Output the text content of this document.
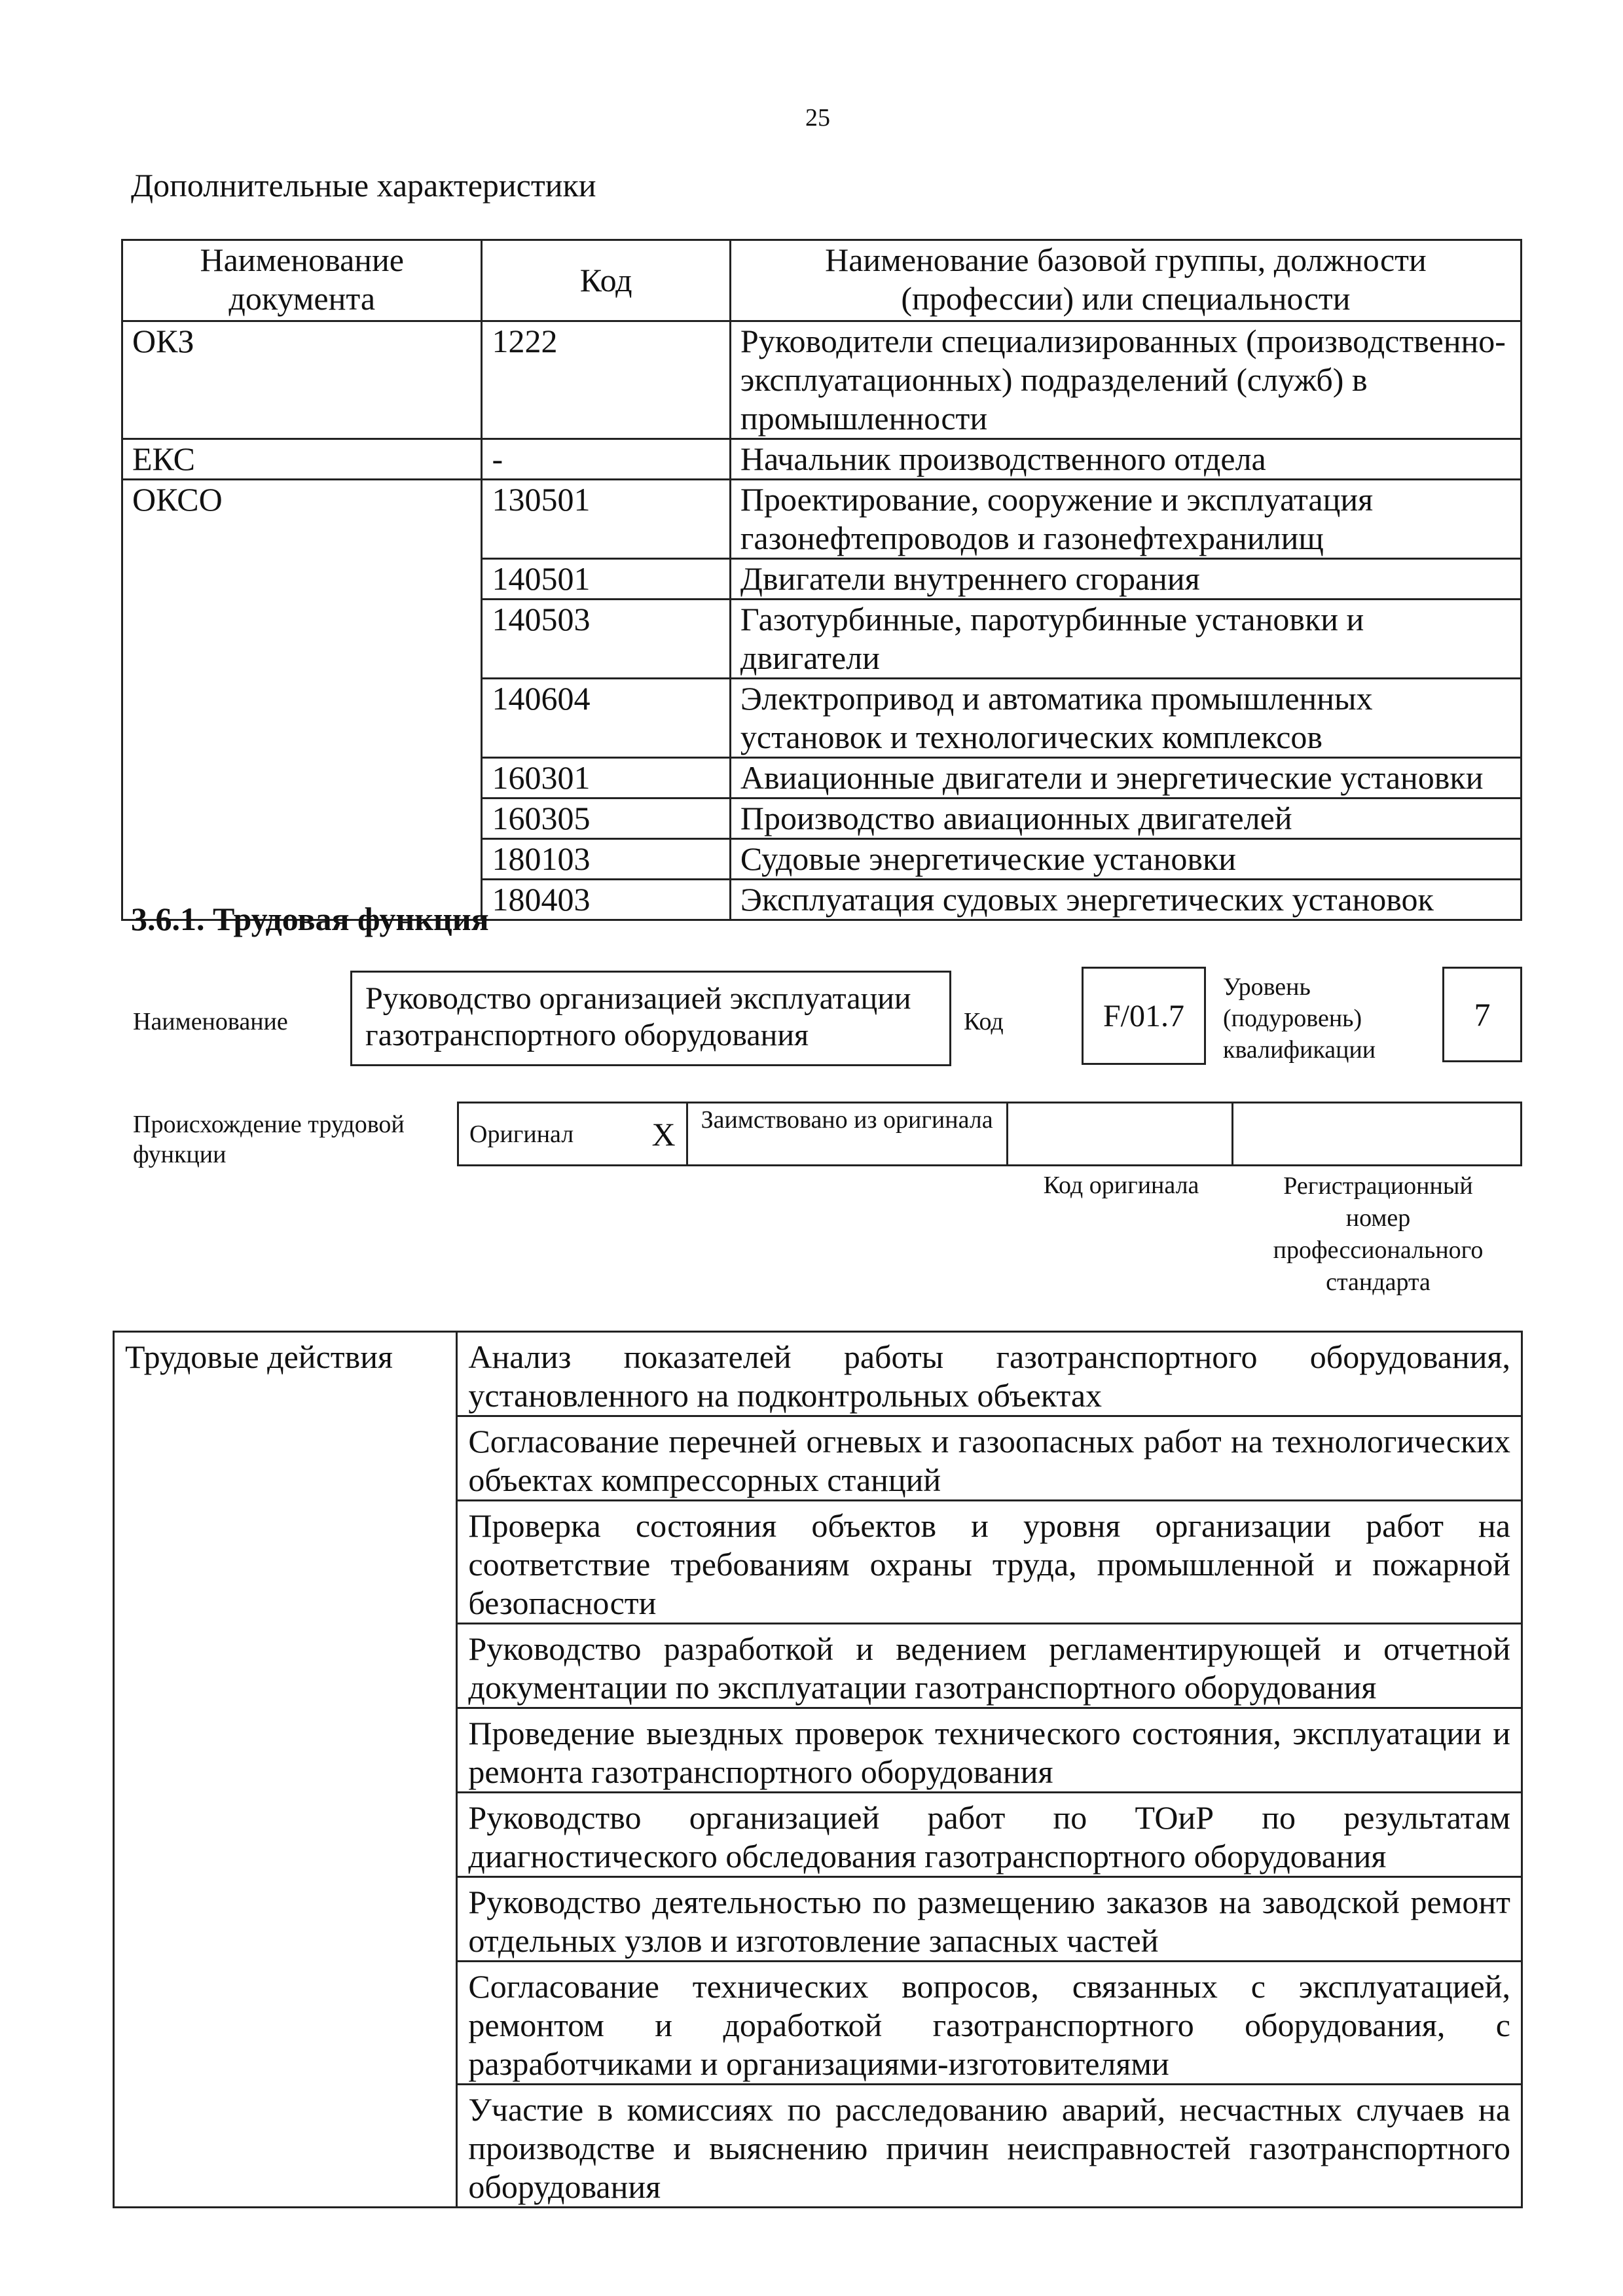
25
Дополнительные характеристики
Наименование документа	Код	Наименование базовой группы, должности (профессии) или специальности
ОКЗ	1222	Руководители специализированных (производственно-эксплуатационных) подразделений (служб) в промышленности
ЕКС	-	Начальник производственного отдела
ОКСО	130501	Проектирование, сооружение и эксплуатация газонефтепроводов и газонефтехранилищ
	140501	Двигатели внутреннего сгорания
	140503	Газотурбинные, паротурбинные установки и двигатели
	140604	Электропривод и автоматика промышленных установок и технологических комплексов
	160301	Авиационные двигатели и энергетические установки
	160305	Производство авиационных двигателей
	180103	Судовые энергетические установки
	180403	Эксплуатация судовых энергетических установок
3.6.1. Трудовая функция
Наименование
Руководство организацией эксплуатации газотранспортного оборудования	Код	F/01.7
Уровень (подуровень) квалификации
7
Происхождение трудовой функции
Оригинал X	Заимствовано из оригинала		
Код оригинала	Регистрационный номер профессионального стандарта
Трудовые действия	Анализ показателей работы газотранспортного оборудования, установленного на подконтрольных объектах
Согласование перечней огневых и газоопасных работ на технологических объектах компрессорных станций
Проверка состояния объектов и уровня организации работ на соответствие требованиям охраны труда, промышленной и пожарной безопасности
Руководство разработкой и ведением регламентирующей и отчетной документации по эксплуатации газотранспортного оборудования
Проведение выездных проверок технического состояния, эксплуатации и ремонта газотранспортного оборудования
Руководство организацией работ по ТОиР по результатам диагностического обследования газотранспортного оборудования
Руководство деятельностью по размещению заказов на заводской ремонт отдельных узлов и изготовление запасных частей
Согласование технических вопросов, связанных с эксплуатацией, ремонтом и доработкой газотранспортного оборудования, с разработчиками и организациями-изготовителями
Участие в комиссиях по расследованию аварий, несчастных случаев на производстве и выяснению причин неисправностей газотранспортного оборудования
